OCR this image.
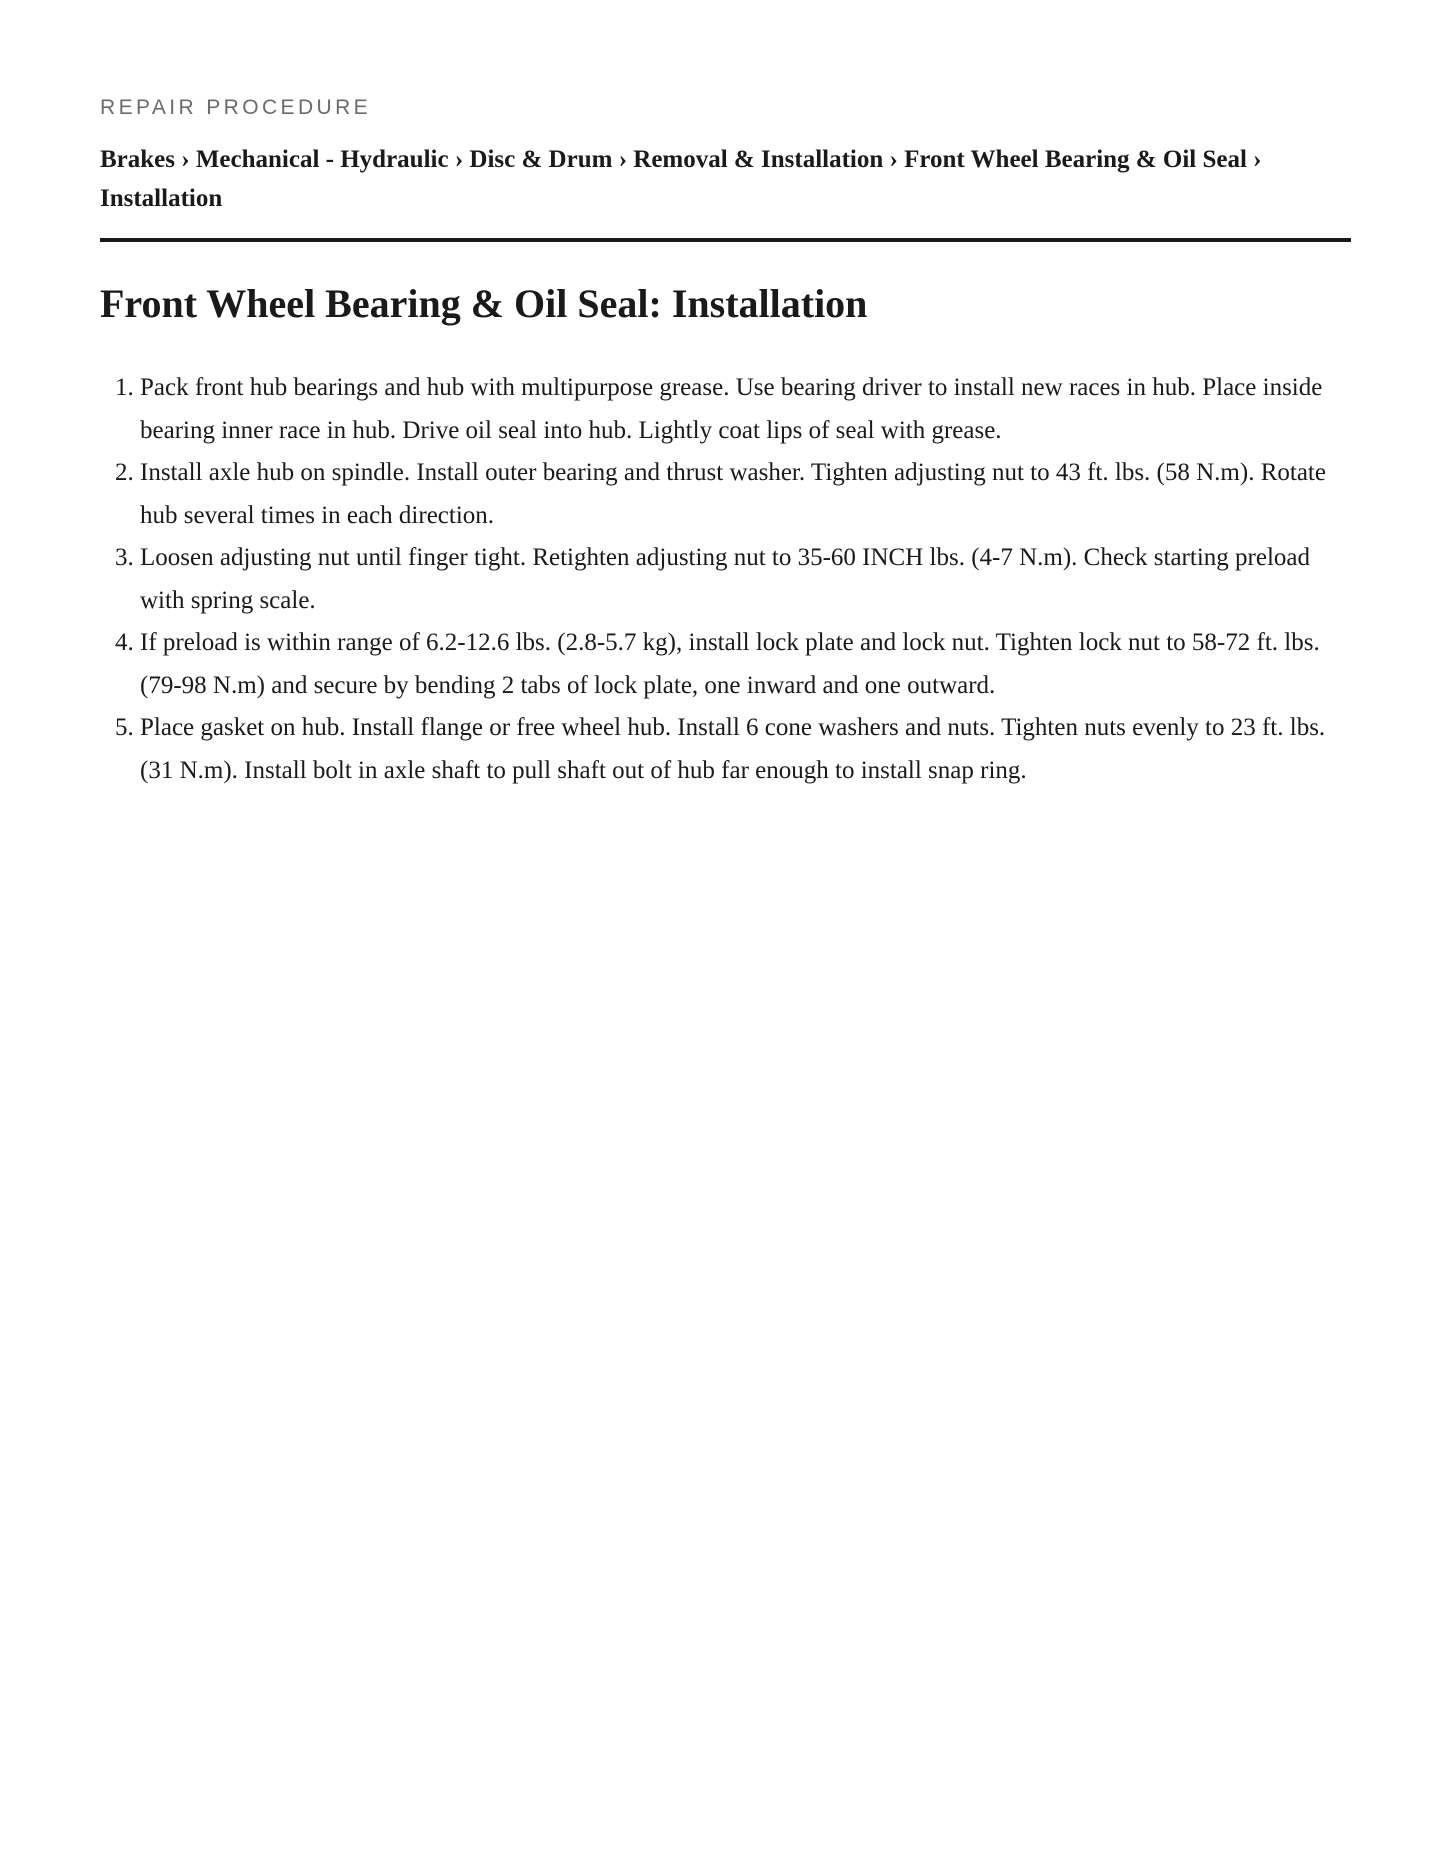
REPAIR PROCEDURE

Brakes › Mechanical - Hydraulic › Disc & Drum › Removal & Installation › Front Wheel Bearing & Oil Seal › Installation
Front Wheel Bearing & Oil Seal: Installation
1. Pack front hub bearings and hub with multipurpose grease. Use bearing driver to install new races in hub. Place inside bearing inner race in hub. Drive oil seal into hub. Lightly coat lips of seal with grease.
2. Install axle hub on spindle. Install outer bearing and thrust washer. Tighten adjusting nut to 43 ft. lbs. (58 N.m). Rotate hub several times in each direction.
3. Loosen adjusting nut until finger tight. Retighten adjusting nut to 35-60 INCH lbs. (4-7 N.m). Check starting preload with spring scale.
4. If preload is within range of 6.2-12.6 lbs. (2.8-5.7 kg), install lock plate and lock nut. Tighten lock nut to 58-72 ft. lbs. (79-98 N.m) and secure by bending 2 tabs of lock plate, one inward and one outward.
5. Place gasket on hub. Install flange or free wheel hub. Install 6 cone washers and nuts. Tighten nuts evenly to 23 ft. lbs. (31 N.m). Install bolt in axle shaft to pull shaft out of hub far enough to install snap ring.
